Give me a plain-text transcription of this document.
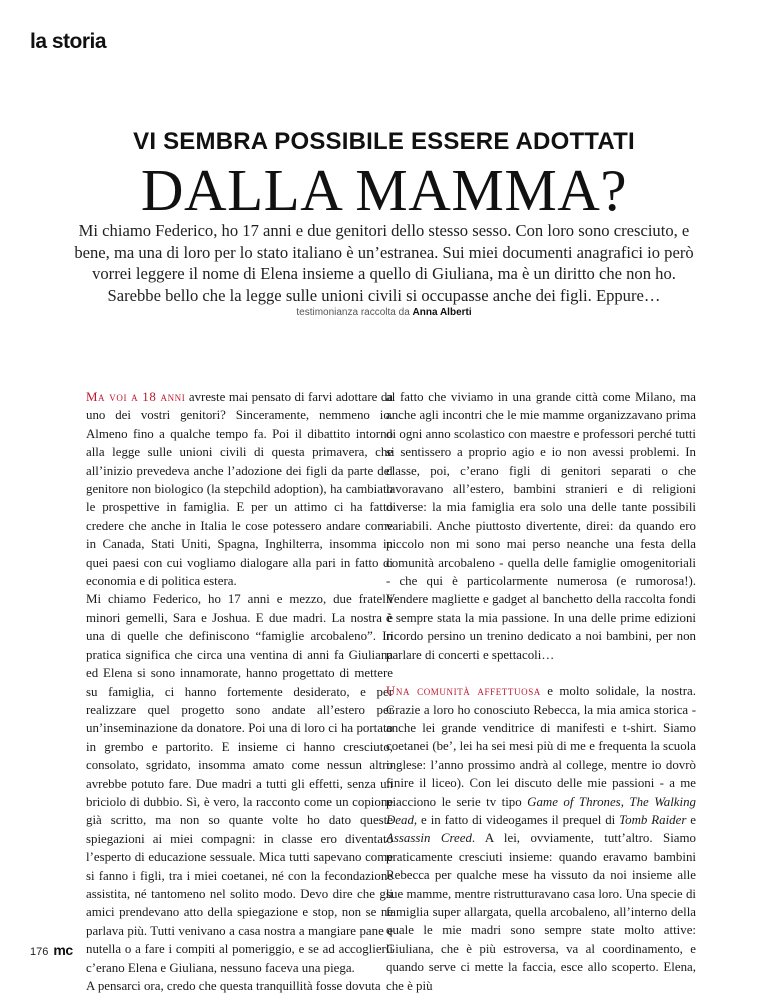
la storia
VI SEMBRA POSSIBILE ESSERE ADOTTATI
DALLA MAMMA?
Mi chiamo Federico, ho 17 anni e due genitori dello stesso sesso. Con loro sono cresciuto, e bene, ma una di loro per lo stato italiano è un’estranea. Sui miei documenti anagrafici io però vorrei leggere il nome di Elena insieme a quello di Giuliana, ma è un diritto che non ho. Sarebbe bello che la legge sulle unioni civili si occupasse anche dei figli. Eppure…
testimonianza raccolta da Anna Alberti

Ma voi a 18 anni avreste mai pensato di farvi adottare da uno dei vostri genitori? Sinceramente, nemmeno io. Almeno fino a qualche tempo fa. Poi il dibattito intorno alla legge sulle unioni civili di questa primavera, che all’inizio prevedeva anche l’adozione dei figli da parte del genitore non biologico (la stepchild adoption), ha cambiato le prospettive in famiglia. E per un attimo ci ha fatto credere che anche in Italia le cose potessero andare come in Canada, Stati Uniti, Spagna, Inghilterra, insomma in quei paesi con cui vogliamo dialogare alla pari in fatto di economia e di politica estera.

Mi chiamo Federico, ho 17 anni e mezzo, due fratelli minori gemelli, Sara e Joshua. E due madri. La nostra è una di quelle che definiscono “famiglie arcobaleno”. In pratica significa che circa una ventina di anni fa Giuliana ed Elena si sono innamorate, hanno progettato di mettere su famiglia, ci hanno fortemente desiderato, e per realizzare quel progetto sono andate all’estero per un’inseminazione da donatore. Poi una di loro ci ha portato in grembo e partorito. E insieme ci hanno cresciuto, consolato, sgridato, insomma amato come nessun altro avrebbe potuto fare. Due madri a tutti gli effetti, senza un briciolo di dubbio. Sì, è vero, la racconto come un copione già scritto, ma non so quante volte ho dato queste spiegazioni ai miei compagni: in classe ero diventato l’esperto di educazione sessuale. Mica tutti sapevano come si fanno i figli, tra i miei coetanei, né con la fecondazione assistita, né tantomeno nel solito modo. Devo dire che gli amici prendevano atto della spiegazione e stop, non se ne parlava più. Tutti venivano a casa nostra a mangiare pane e nutella o a fare i compiti al pomeriggio, e se ad accoglierli c’erano Elena e Giuliana, nessuno faceva una piega.

A pensarci ora, credo che questa tranquillità fosse dovuta

al fatto che viviamo in una grande città come Milano, ma anche agli incontri che le mie mamme organizzavano prima di ogni anno scolastico con maestre e professori perché tutti si sentissero a proprio agio e io non avessi problemi. In classe, poi, c’erano figli di genitori separati o che lavoravano all’estero, bambini stranieri e di religioni diverse: la mia famiglia era solo una delle tante possibili variabili. Anche piuttosto divertente, direi: da quando ero piccolo non mi sono mai perso neanche una festa della comunità arcobaleno - quella delle famiglie omogenitoriali - che qui è particolarmente numerosa (e rumorosa!). Vendere magliette e gadget al banchetto della raccolta fondi è sempre stata la mia passione. In una delle prime edizioni ricordo persino un trenino dedicato a noi bambini, per non parlare di concerti e spettacoli…

Una comunità affettuosa e molto solidale, la nostra. Grazie a loro ho conosciuto Rebecca, la mia amica storica - anche lei grande venditrice di manifesti e t-shirt. Siamo coetanei (be’, lei ha sei mesi più di me e frequenta la scuola inglese: l’anno prossimo andrà al college, mentre io dovrò finire il liceo). Con lei discuto delle mie passioni - a me piacciono le serie tv tipo Game of Thrones, The Walking Dead, e in fatto di videogames il prequel di Tomb Raider e Assassin Creed. A lei, ovviamente, tutt’altro. Siamo praticamente cresciuti insieme: quando eravamo bambini Rebecca per qualche mese ha vissuto da noi insieme alle sue mamme, mentre ristrutturavano casa loro. Una specie di famiglia super allargata, quella arcobaleno, all’interno della quale le mie madri sono sempre state molto attive: Giuliana, che è più estroversa, va al coordinamento, e quando serve ci mette la faccia, esce allo scoperto. Elena, che è più

176 mc
